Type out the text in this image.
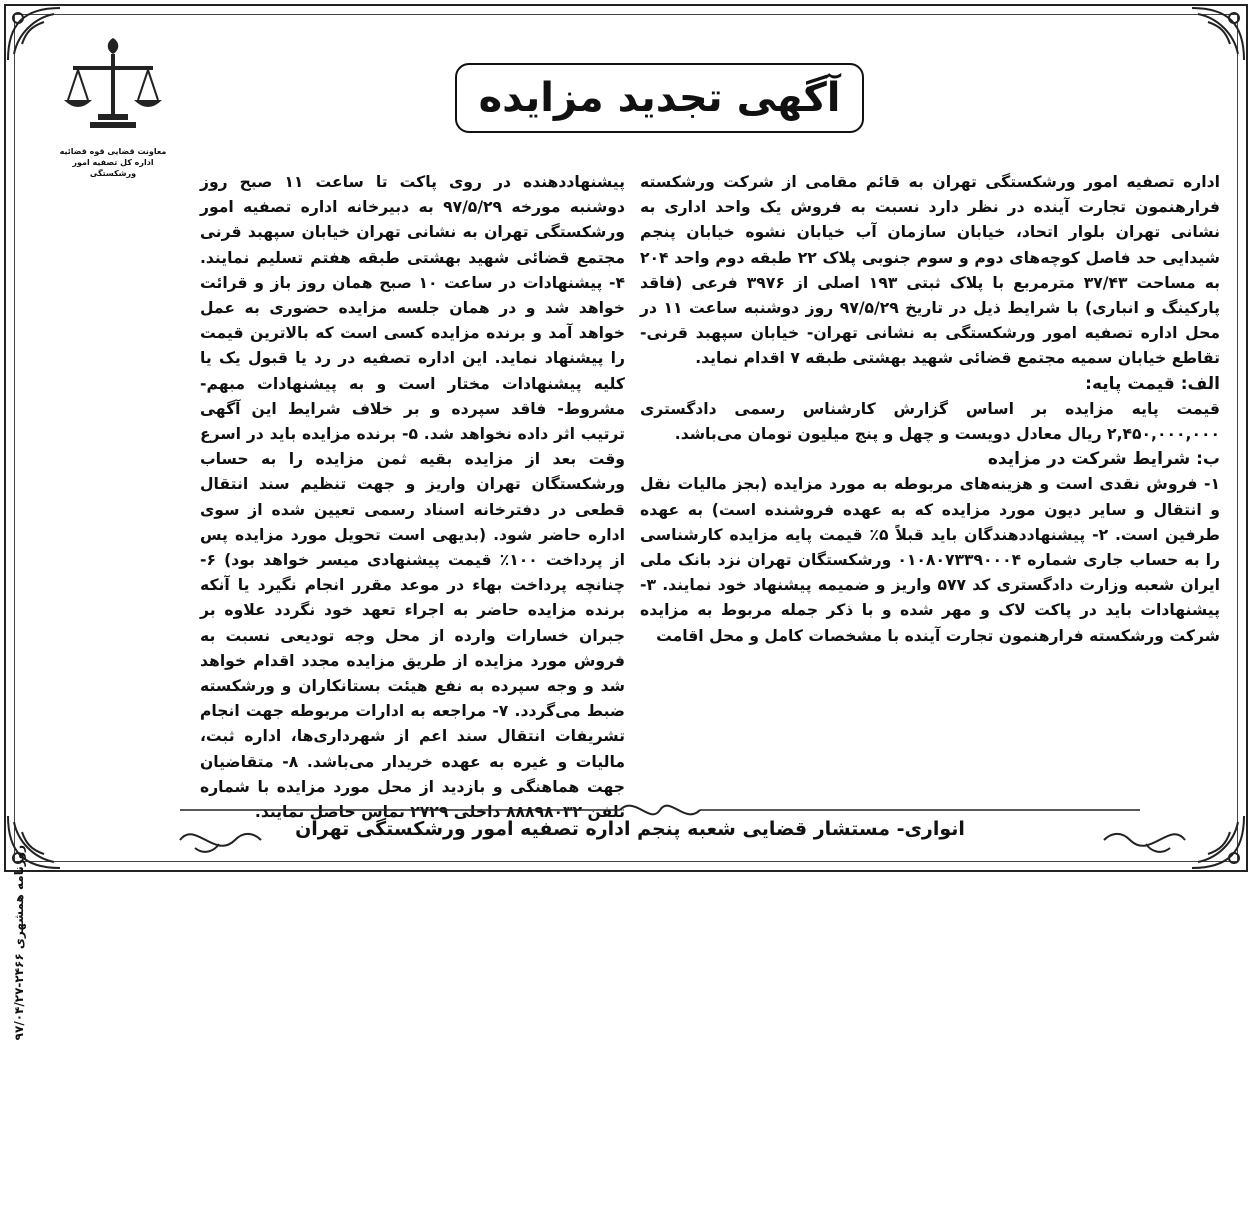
معاونت قضایی قوه قضائیه
اداره کل تصفیه امور ورشکستگی
آگهی تجدید مزایده
روزنامه همشهری ۲۴۶۶-۹۷/۰۴/۲۷

اداره تصفیه امور ورشکستگی تهران به قائم مقامی از شرکت ورشکسته فرارهنمون تجارت آینده در نظر دارد نسبت به فروش یک واحد اداری به نشانی تهران بلوار اتحاد، خیابان سازمان آب خیابان نشوه خیابان پنجم شیدایی حد فاصل کوچه‌های دوم و سوم جنوبی پلاک ۲۲ طبقه دوم واحد ۲۰۴ به مساحت ۳۷/۴۳ مترمربع با پلاک ثبتی ۱۹۳ اصلی از ۳۹۷۶ فرعی (فاقد پارکینگ و انباری) با شرایط ذیل در تاریخ ۹۷/۵/۲۹ روز دوشنبه ساعت ۱۱ در محل اداره تصفیه امور ورشکستگی به نشانی تهران- خیابان سپهبد قرنی- تقاطع خیابان سمیه مجتمع قضائی شهید بهشتی طبقه ۷ اقدام نماید.

الف: قیمت پایه:

قیمت پایه مزایده بر اساس گزارش کارشناس رسمی دادگستری ۲,۴۵۰,۰۰۰,۰۰۰ ریال معادل دویست و چهل و پنج میلیون تومان می‌باشد.

ب: شرایط شرکت در مزایده

۱- فروش نقدی است و هزینه‌های مربوطه به مورد مزایده (بجز مالیات نقل و انتقال و سایر دیون مورد مزایده که به عهده فروشنده است) به عهده طرفین است. ۲- پیشنهاددهندگان باید قبلاً ۵٪ قیمت پایه مزایده کارشناسی را به حساب جاری شماره ۰۱۰۸۰۷۳۳۹۰۰۰۴ ورشکستگان تهران نزد بانک ملی ایران شعبه وزارت دادگستری کد ۵۷۷ واریز و ضمیمه پیشنهاد خود نمایند. ۳- پیشنهادات باید در پاکت لاک و مهر شده و با ذکر جمله مربوط به مزایده شرکت ورشکسته فرارهنمون تجارت آینده با مشخصات کامل و محل اقامت

پیشنهاددهنده در روی پاکت تا ساعت ۱۱ صبح روز دوشنبه مورخه ۹۷/۵/۲۹ به دبیرخانه اداره تصفیه امور ورشکستگی تهران به نشانی تهران خیابان سپهبد قرنی مجتمع قضائی شهید بهشتی طبقه هفتم تسلیم نمایند. ۴- پیشنهادات در ساعت ۱۰ صبح همان روز باز و قرائت خواهد شد و در همان جلسه مزایده حضوری به عمل خواهد آمد و برنده مزایده کسی است که بالاترین قیمت را پیشنهاد نماید. این اداره تصفیه در رد یا قبول یک یا کلیه پیشنهادات مختار است و به پیشنهادات مبهم- مشروط- فاقد سپرده و بر خلاف شرایط این آگهی ترتیب اثر داده نخواهد شد. ۵- برنده مزایده باید در اسرع وقت بعد از مزایده بقیه ثمن مزایده را به حساب ورشکستگان تهران واریز و جهت تنظیم سند انتقال قطعی در دفترخانه اسناد رسمی تعیین شده از سوی اداره حاضر شود. (بدیهی است تحویل مورد مزایده پس از پرداخت ۱۰۰٪ قیمت پیشنهادی میسر خواهد بود) ۶- چنانچه پرداخت بهاء در موعد مقرر انجام نگیرد یا آنکه برنده مزایده حاضر به اجراء تعهد خود نگردد علاوه بر جبران خسارات وارده از محل وجه تودیعی نسبت به فروش مورد مزایده از طریق مزایده مجدد اقدام خواهد شد و وجه سپرده به نفع هیئت بستانکاران و ورشکسته ضبط می‌گردد. ۷- مراجعه به ادارات مربوطه جهت انجام تشریفات انتقال سند اعم از شهرداری‌ها، اداره ثبت، مالیات و غیره به عهده خریدار می‌باشد. ۸- متقاضیان جهت هماهنگی و بازدید از محل مورد مزایده با شماره تلفن ۸۸۸۹۸۰۳۲ داخلی ۲۷۲۹ تماس حاصل نمایند.

انواری- مستشار قضایی شعبه پنجم اداره تصفیه امور ورشکستگی تهران
